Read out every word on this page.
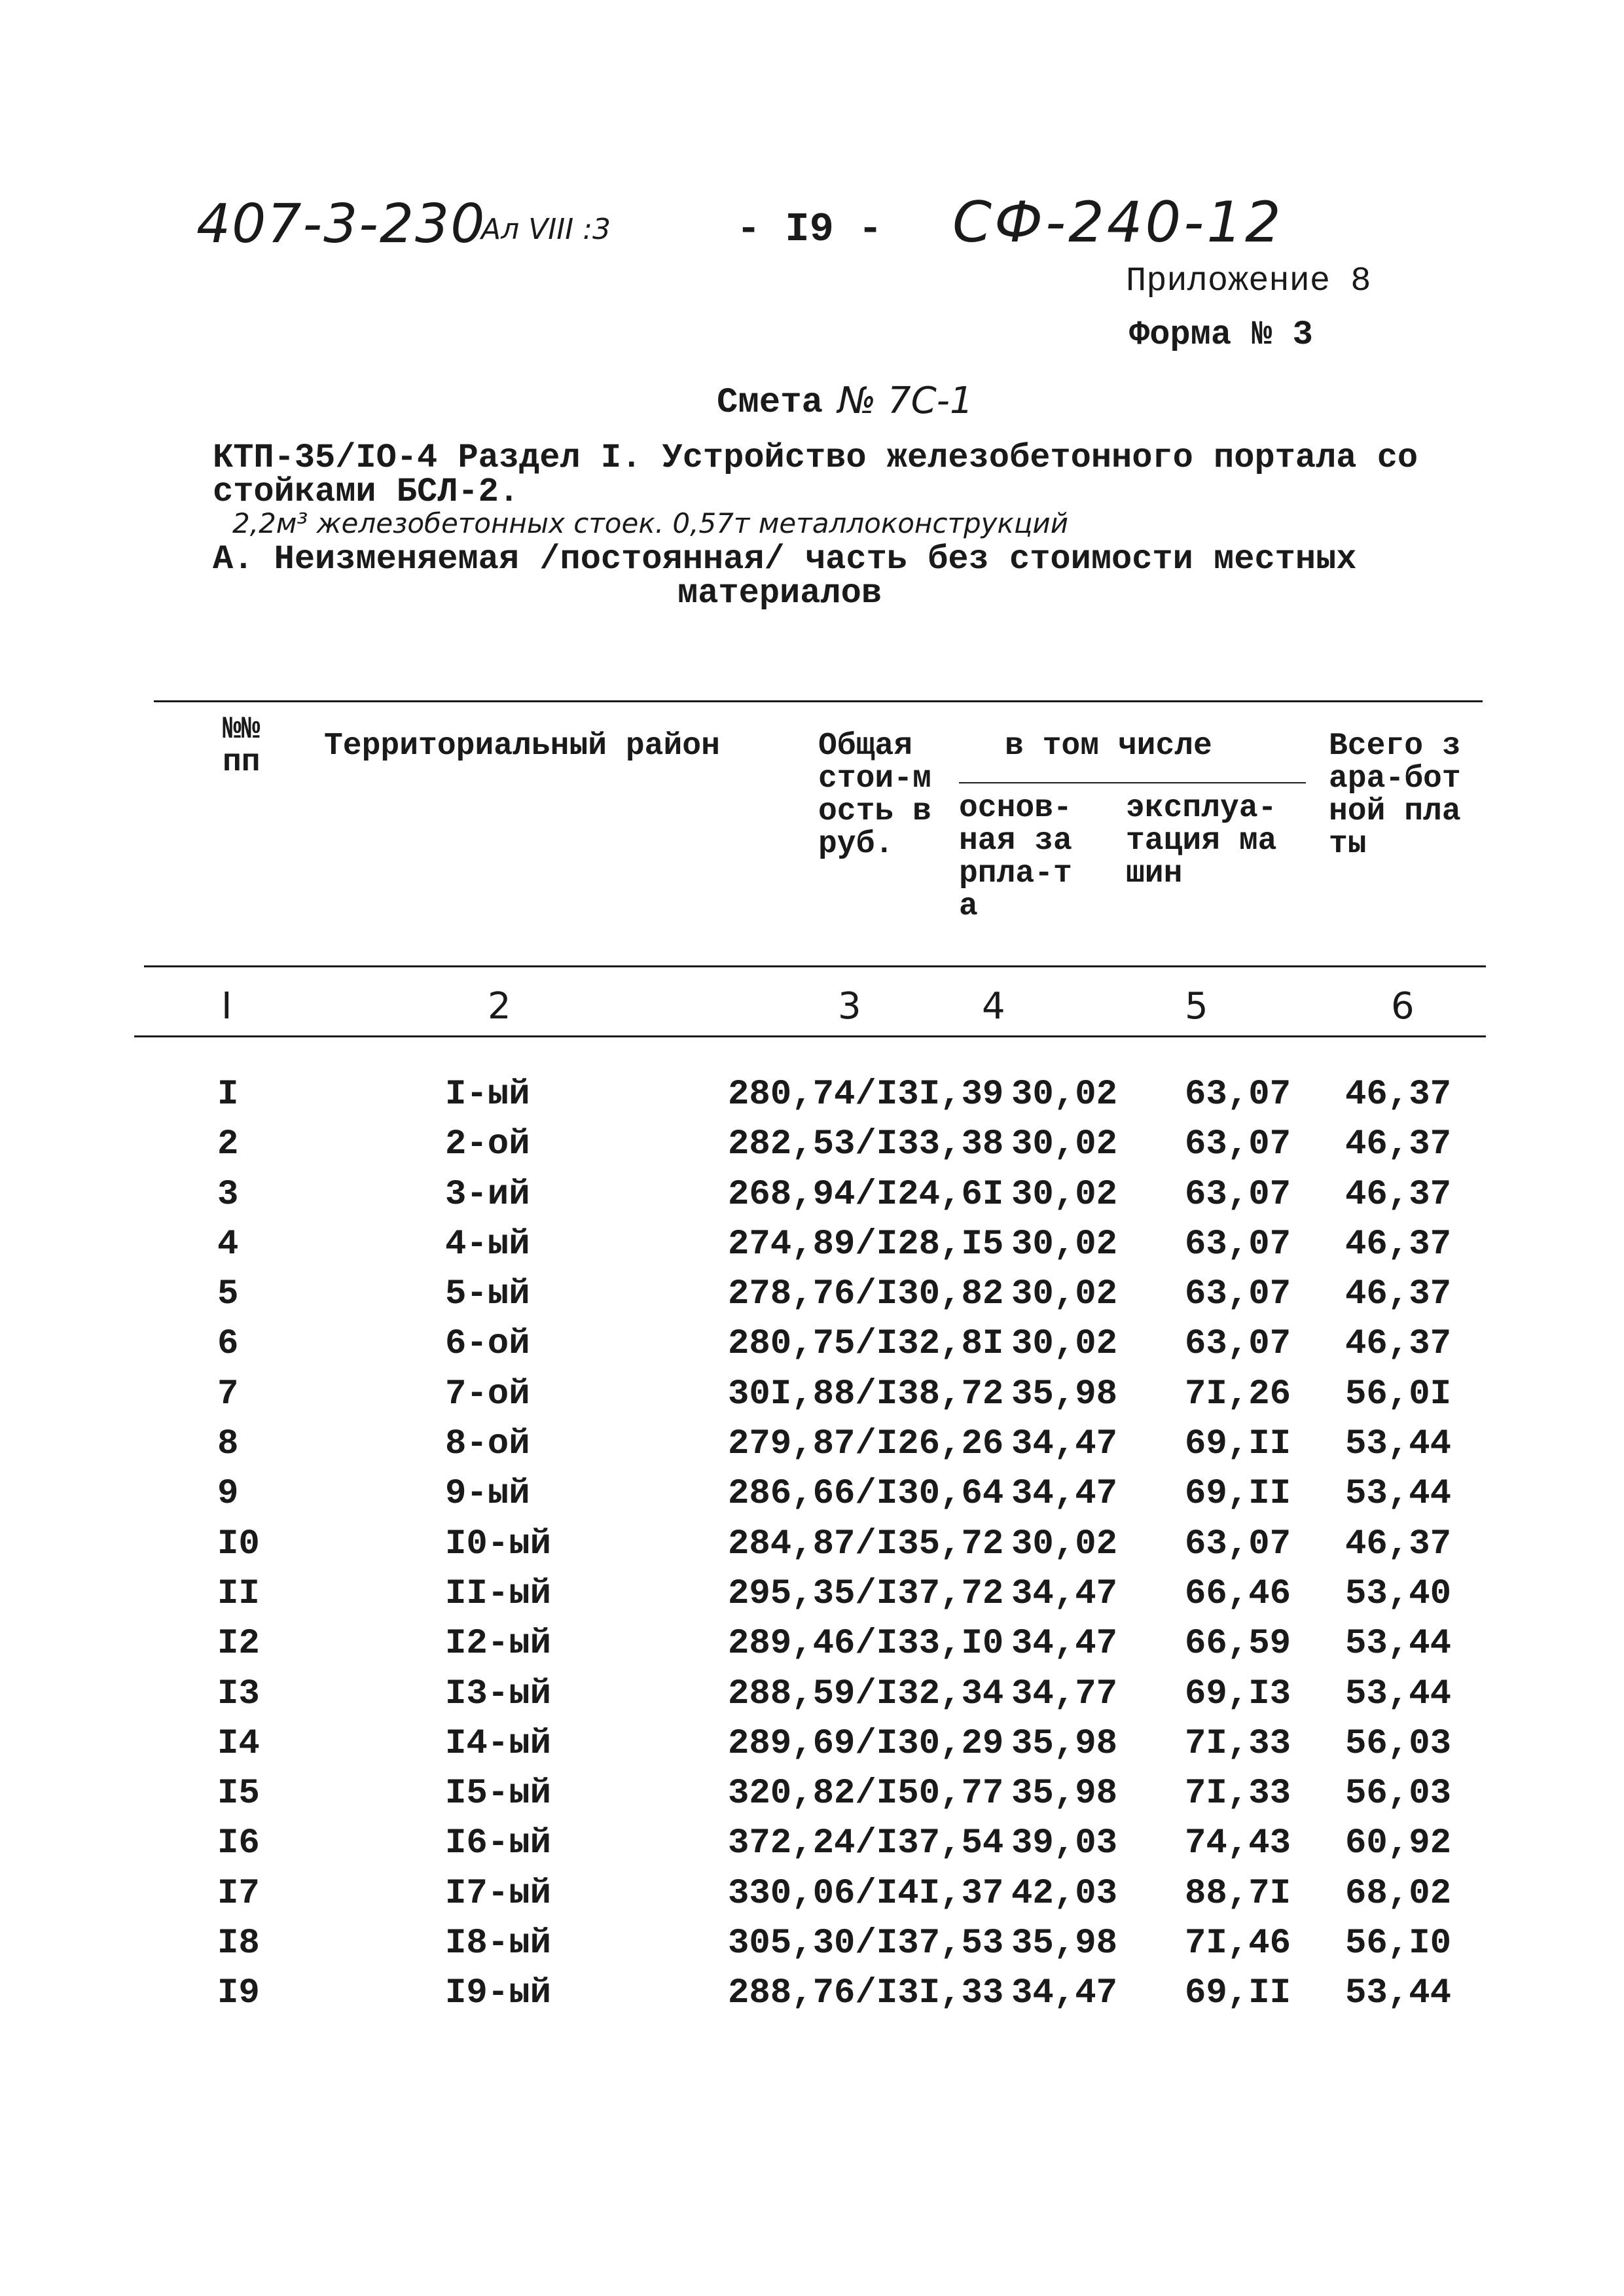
407-3-230
Ал VIII :3	- I9 - СФ-240-12
Приложение 8
Форма № 3
Смета № 7С-1
КТП-35/IO-4 Раздел I. Устройство железобетонного портала со
стойками БСЛ-2.
2,2м³ железобетонных стоек. 0,57т металлоконструкций
А. Неизменяемая /постоянная/ часть без стоимости местных
материалов
№№ пп	Территориальный район	Общая стои-мость в руб.
в том числе
основ-ная зарпла-та
эксплуа-тация машин
Всего зара-ботной платы
I	2	3	4	5	6
I	I-ый	280,74/I3I,39 30,02 63,07 46,37
2	2-ой	282,53/I33,38 30,02 63,07 46,37
3	3-ий	268,94/I24,6I 30,02 63,07 46,37
4	4-ый	274,89/I28,I5 30,02 63,07 46,37
5	5-ый	278,76/I30,82 30,02 63,07 46,37
6	6-ой	280,75/I32,8I 30,02 63,07 46,37
7	7-ой	30I,88/I38,72 35,98 7I,26 56,0I
8	8-ой	279,87/I26,26 34,47 69,II 53,44
9	9-ый	286,66/I30,64 34,47 69,II 53,44
I0	I0-ый	284,87/I35,72 30,02 63,07 46,37
II	II-ый	295,35/I37,72 34,47 66,46 53,40
I2	I2-ый	289,46/I33,I0 34,47 66,59 53,44
I3	I3-ый	288,59/I32,34 34,77 69,I3 53,44
I4	I4-ый	289,69/I30,29 35,98 7I,33 56,03
I5	I5-ый	320,82/I50,77 35,98 7I,33 56,03
I6	I6-ый	372,24/I37,54 39,03 74,43 60,92
I7	I7-ый	330,06/I4I,37 42,03 88,7I 68,02
I8	I8-ый	305,30/I37,53 35,98 7I,46 56,I0
I9	I9-ый	288,76/I3I,33 34,47 69,II 53,44
